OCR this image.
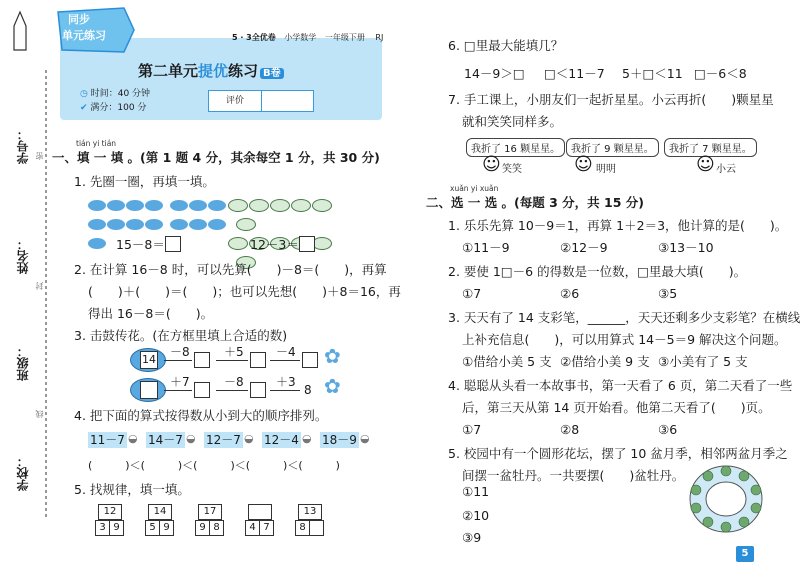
学校：
班级：
姓名：
学号：
线
封
密
同步
单元练习	5 · 3全优卷 小学数学 一年级下册 RJ
第二单元提优练习 B卷
◷ 时间：40 分钟
✔ 满分：100 分
评价
tián yi tián
一、填 一 填 。(第 1 题 4 分，其余每空 1 分，共 30 分)
1. 先圈一圈，再填一填。

15－8＝	12－3＝
2. 在计算 16－8 时，可以先算(　　)－8＝(　　)，再算
(　　)＋(　　)＝(　　)；也可以先想(　　)＋8＝16，再
得出 16－8＝(　　)。
3. 击鼓传花。(在方框里填上合适的数)
14
－8	＋5	－4 ✿
＋7	－8	＋3
8 ✿
4. 把下面的算式按得数从小到大的顺序排列。
11－7 ◒ 14－7 ◒ 12－7 ◒ 12－4 ◒ 18－9 ◒
(　　　)＜(　　　)＜(　　　)＜(　　　)＜(　　　)
5. 找规律，填一填。
12
3 9
14
5 9
17
9 8	4 7
13
8
6. □里最大能填几？
14－9＞□ □＜11－7 5＋□＜11 □－6＜8
7. 手工课上，小朋友们一起折星星。小云再折(　　)颗星星
就和笑笑同样多。
我折了 16 颗星星。	我折了 9 颗星星。	我折了 7 颗星星。
☺ 笑笑	☺ 明明	☺ 小云
xuǎn yi xuǎn
二、选 一 选 。(每题 3 分，共 15 分)
1. 乐乐先算 10－9＝1，再算 1＋2＝3，他计算的是(　　)。
①11－9	②12－9	③13－10
2. 要使 1□－6 的得数是一位数，□里最大填(　　)。
①7	②6	③5
3. 天天有了 14 支彩笔，______，天天还剩多少支彩笔？在横线
上补充信息(　　)，可以用算式 14－5＝9 解决这个问题。
①借给小美 5 支 ②借给小美 9 支 ③小美有了 5 支
4. 聪聪从头看一本故事书，第一天看了 6 页，第二天看了一些
后，第三天从第 14 页开始看。他第二天看了(　　)页。
①7	②8	③6
5. 校园中有一个圆形花坛，摆了 10 盆月季，相邻两盆月季之
间摆一盆牡丹。一共要摆(　　)盆牡丹。
①11
②10
③9
5
